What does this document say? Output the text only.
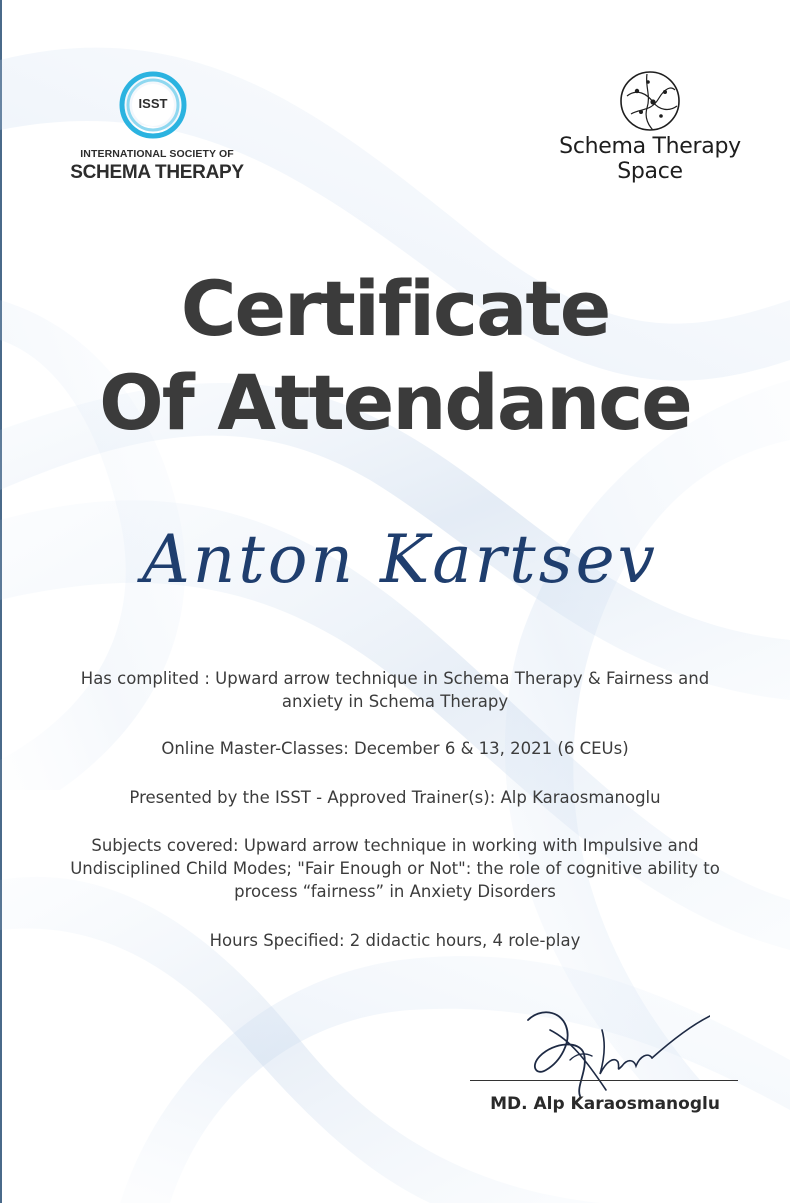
ISST
INTERNATIONAL SOCIETY OF
SCHEMA THERAPY
Schema Therapy
Space
Certificate
Of Attendance
Anton Kartsev
Has complited : Upward arrow technique in Schema Therapy & Fairness and anxiety in Schema Therapy
Online Master-Classes: December 6 & 13, 2021 (6 CEUs)
Presented by the ISST - Approved Trainer(s): Alp Karaosmanoglu
Subjects covered: Upward arrow technique in working with Impulsive and Undisciplined Child Modes; "Fair Enough or Not": the role of cognitive ability to process “fairness” in Anxiety Disorders
Hours Specified: 2 didactic hours, 4 role-play
MD. Alp Karaosmanoglu
